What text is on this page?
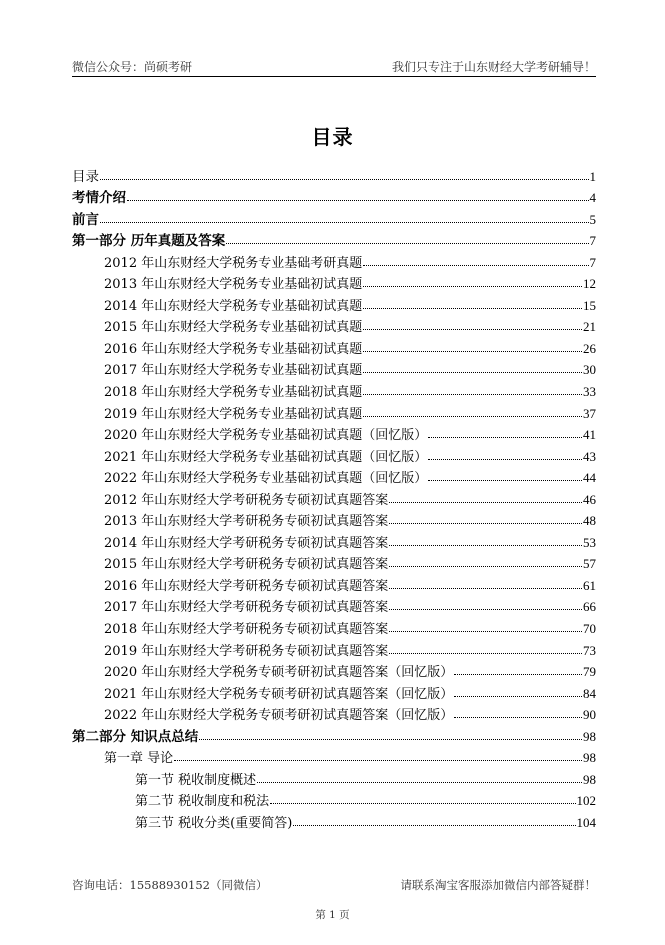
微信公众号：尚硕考研	我们只专注于山东财经大学考研辅导！
目录
目录	1
考情介绍	4
前言	5
第一部分 历年真题及答案	7
2012 年山东财经大学税务专业基础考研真题	7
2013 年山东财经大学税务专业基础初试真题	12
2014 年山东财经大学税务专业基础初试真题	15
2015 年山东财经大学税务专业基础初试真题	21
2016 年山东财经大学税务专业基础初试真题	26
2017 年山东财经大学税务专业基础初试真题	30
2018 年山东财经大学税务专业基础初试真题	33
2019 年山东财经大学税务专业基础初试真题	37
2020 年山东财经大学税务专业基础初试真题（回忆版）	41
2021 年山东财经大学税务专业基础初试真题（回忆版）	43
2022 年山东财经大学税务专业基础初试真题（回忆版）	44
2012 年山东财经大学考研税务专硕初试真题答案	46
2013 年山东财经大学考研税务专硕初试真题答案	48
2014 年山东财经大学考研税务专硕初试真题答案	53
2015 年山东财经大学考研税务专硕初试真题答案	57
2016 年山东财经大学考研税务专硕初试真题答案	61
2017 年山东财经大学考研税务专硕初试真题答案	66
2018 年山东财经大学考研税务专硕初试真题答案	70
2019 年山东财经大学考研税务专硕初试真题答案	73
2020 年山东财经大学税务专硕考研初试真题答案（回忆版）	79
2021 年山东财经大学税务专硕考研初试真题答案（回忆版）	84
2022 年山东财经大学税务专硕考研初试真题答案（回忆版）	90
第二部分 知识点总结	98
第一章 导论	98
第一节 税收制度概述	98
第二节 税收制度和税法	102
第三节 税收分类(重要简答)	104
咨询电话：15588930152（同微信）	请联系淘宝客服添加微信内部答疑群！
第 1 页
